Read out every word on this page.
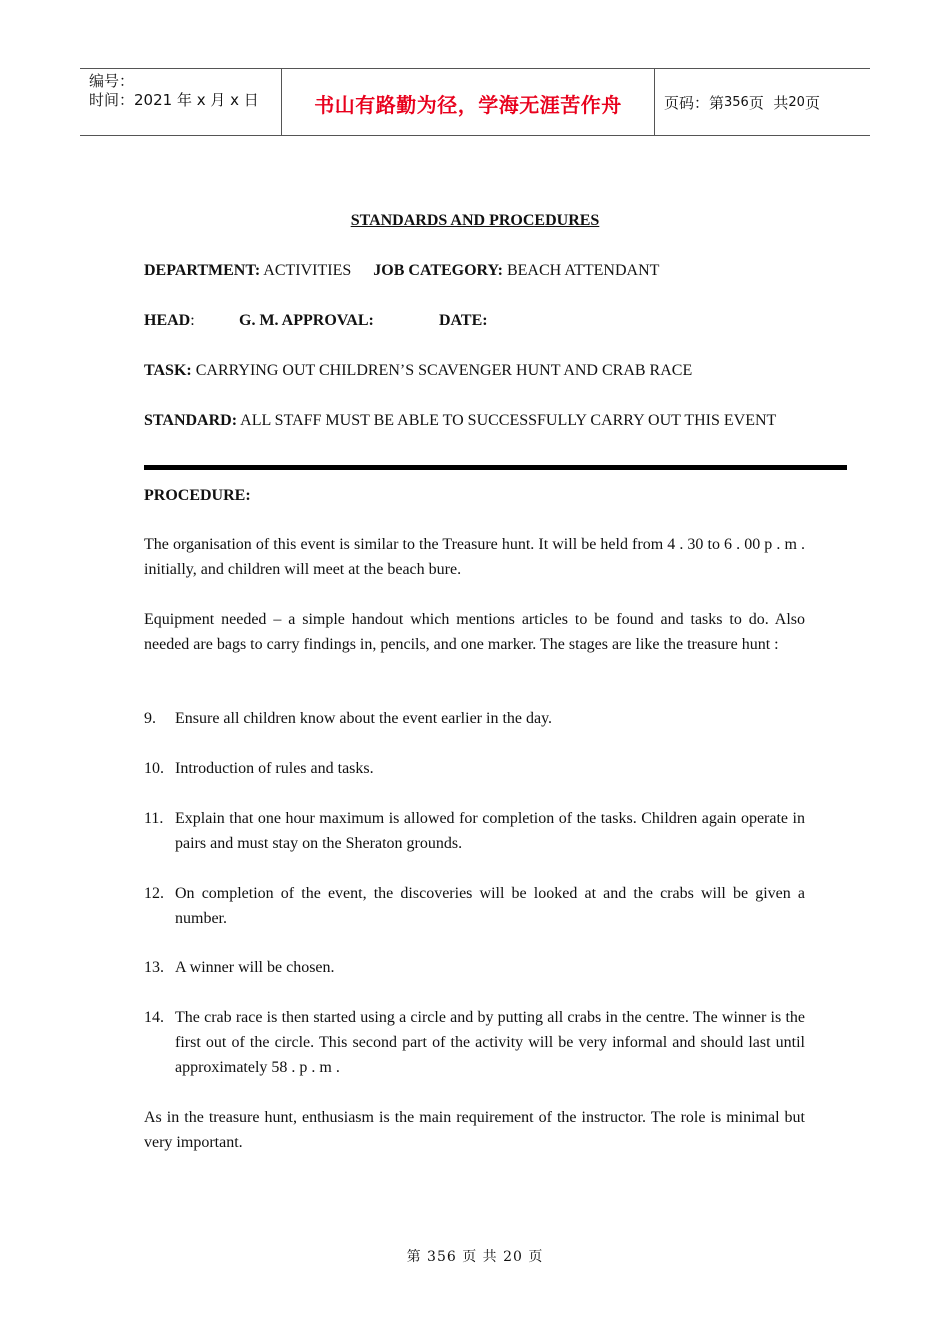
编号：
时间：2021 年 x 月 x 日	书山有路勤为径，学海无涯苦作舟	页码：第 356 页  共 20 页
STANDARDS AND PROCEDURES
DEPARTMENT: ACTIVITIES JOB CATEGORY: BEACH ATTENDANT
HEAD:	G. M. APPROVAL:	DATE:
TASK: CARRYING OUT CHILDREN’S SCAVENGER HUNT AND CRAB RACE
STANDARD: ALL STAFF MUST BE ABLE TO SUCCESSFULLY CARRY OUT THIS EVENT
PROCEDURE:
The organisation of this event is similar to the Treasure hunt. It will be held from 4 . 30 to 6 . 00 p . m . initially, and children will meet at the beach bure.
Equipment needed – a simple handout which mentions articles to be found and tasks to do. Also needed are bags to carry findings in, pencils, and one marker. The stages are like the treasure hunt :
9.	Ensure all children know about the event earlier in the day.
10. Introduction of rules and tasks.
11. Explain that one hour maximum is allowed for completion of the tasks. Children again operate in pairs and must stay on the Sheraton grounds.
12. On completion of the event, the discoveries will be looked at and the crabs will be given a number.
13. A winner will be chosen.
14. The crab race is then started using a circle and by putting all crabs in the centre. The winner is the first out of the circle. This second part of the activity will be very informal and should last until approximately 58 . p . m .
As in the treasure hunt, enthusiasm is the main requirement of the instructor. The role is minimal but very important.
第 356 页 共 20 页
